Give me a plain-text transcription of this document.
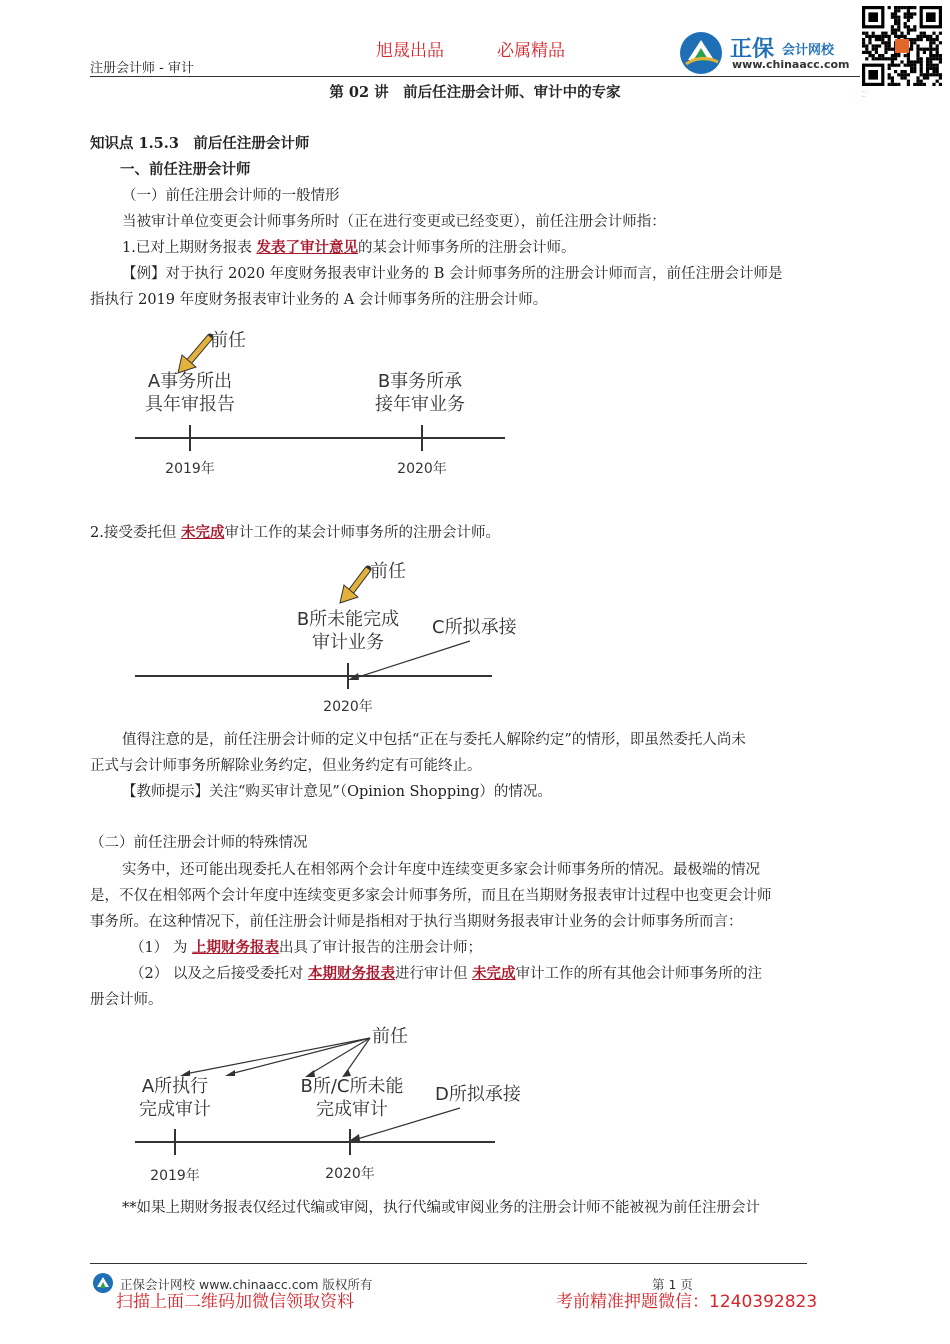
旭晟出品	必属精品
注册会计师 - 审计
正保 会计网校
www.chinaacc.com
...
...
第 02 讲　前后任注册会计师、审计中的专家
知识点 1.5.3　前后任注册会计师
一、前任注册会计师
（一）前任注册会计师的一般情形
当被审计单位变更会计师事务所时（正在进行变更或已经变更），前任注册会计师指：
1.已对上期财务报表 发表了审计意见的某会计师事务所的注册会计师。
【例】对于执行 2020 年度财务报表审计业务的 B 会计师事务所的注册会计师而言，前任注册会计师是
指执行 2019 年度财务报表审计业务的 A 会计师事务所的注册会计师。
前任
A事务所出
具年审报告
B事务所承
接年审业务
2019年	2020年
2.接受委托但 未完成审计工作的某会计师事务所的注册会计师。
前任
B所未能完成
审计业务
C所拟承接
2020年
值得注意的是，前任注册会计师的定义中包括“正在与委托人解除约定”的情形，即虽然委托人尚未
正式与会计师事务所解除业务约定，但业务约定有可能终止。
【教师提示】关注“购买审计意见”（Opinion Shopping）的情况。
（二）前任注册会计师的特殊情况
实务中，还可能出现委托人在相邻两个会计年度中连续变更多家会计师事务所的情况。最极端的情况
是，不仅在相邻两个会计年度中连续变更多家会计师事务所，而且在当期财务报表审计过程中也变更会计师
事务所。在这种情况下，前任注册会计师是指相对于执行当期财务报表审计业务的会计师事务所而言：
（1） 为 上期财务报表出具了审计报告的注册会计师；
（2） 以及之后接受委托对 本期财务报表进行审计但 未完成审计工作的所有其他会计师事务所的注
册会计师。
前任
A所执行
完成审计
B所/C所未能
完成审计
D所拟承接
2019年	2020年
**如果上期财务报表仅经过代编或审阅，执行代编或审阅业务的注册会计师不能被视为前任注册会计
正保会计网校 www.chinaacc.com 版权所有	第 1 页
扫描上面二维码加微信领取资料	考前精准押题微信：1240392823
